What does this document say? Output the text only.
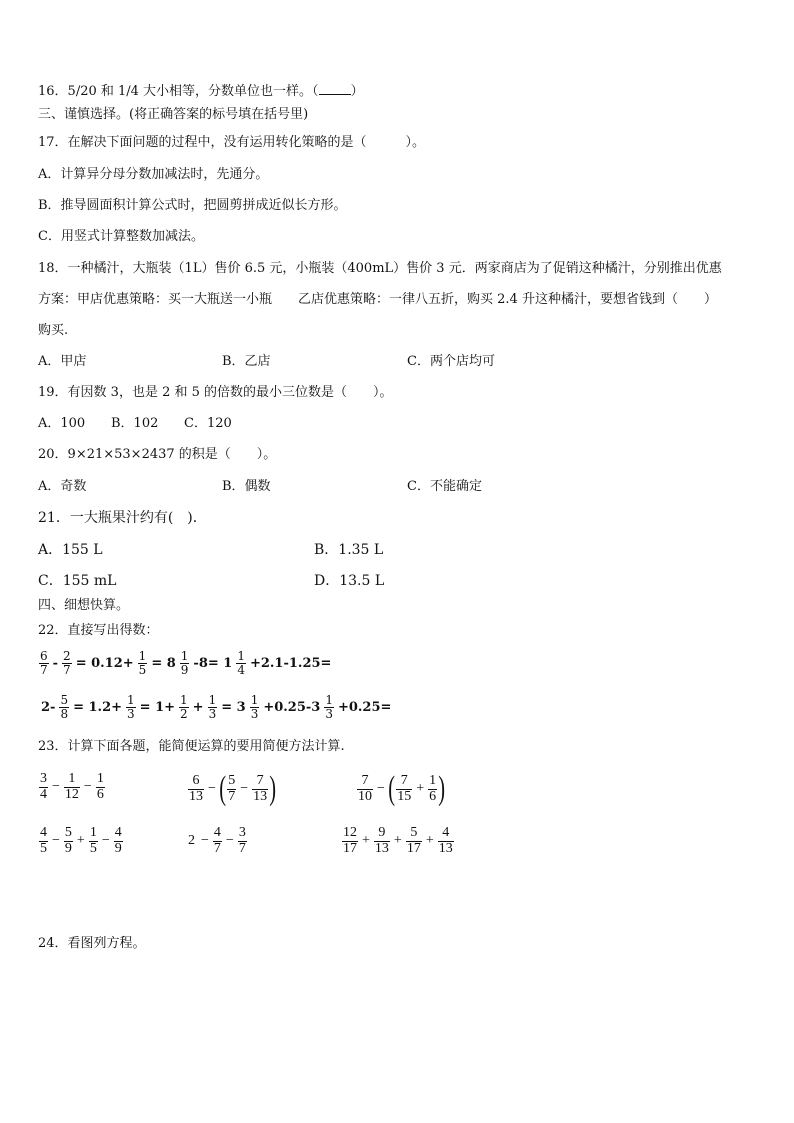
16．5/20 和 1/4 大小相等，分数单位也一样。（ ）
三、谨慎选择。(将正确答案的标号填在括号里)
17．在解决下面问题的过程中，没有运用转化策略的是（　　　）。
A．计算异分母分数加减法时，先通分。
B．推导圆面积计算公式时，把圆剪拼成近似长方形。
C．用竖式计算整数加减法。
18．一种橘汁，大瓶装（1L）售价 6.5 元，小瓶装（400mL）售价 3 元．两家商店为了促销这种橘汁，分别推出优惠
方案：甲店优惠策略：买一大瓶送一小瓶　　乙店优惠策略：一律八五折，购买 2.4 升这种橘汁，要想省钱到（　　）
购买.
A．甲店	B．乙店	C．两个店均可
19．有因数 3，也是 2 和 5 的倍数的最小三位数是（　　）。
A．100 B．102 C．120
20．9×21×53×2437 的积是（　　）。
A．奇数	B．偶数	C．不能确定
21．一大瓶果汁约有(　)．
A．155 L	B．1.35 L
C．155 mL	D．13.5 L
四、细想快算。
22．直接写出得数：
$\frac{6}{7} - \frac{2}{7} = 0.12+ \frac{1}{5} = 8 \frac{1}{9} -8= 1 \frac{1}{4} +2.1-1.25=$
$2- \frac{5}{8} = 1.2+ \frac{1}{3} = 1+ \frac{1}{2} + \frac{1}{3} = 3 \frac{1}{3} +0.25-3 \frac{1}{3} +0.25=$
23．计算下面各题，能简便运算的要用简便方法计算.
$\frac{3}{4} - \frac{1}{12} - \frac{1}{6}$	$\frac{6}{13}$ −( $\frac{5}{7} - \frac{7}{13}$ )	$\frac{7}{10}$ −( $\frac{7}{15} + \frac{1}{6}$ )
$\frac{4}{5} - \frac{5}{9} + \frac{1}{5} - \frac{4}{9}$	$2 - \frac{4}{7} - \frac{3}{7}$	$\frac{12}{17} + \frac{9}{13} + \frac{5}{17} + \frac{4}{13}$
24．看图列方程。
